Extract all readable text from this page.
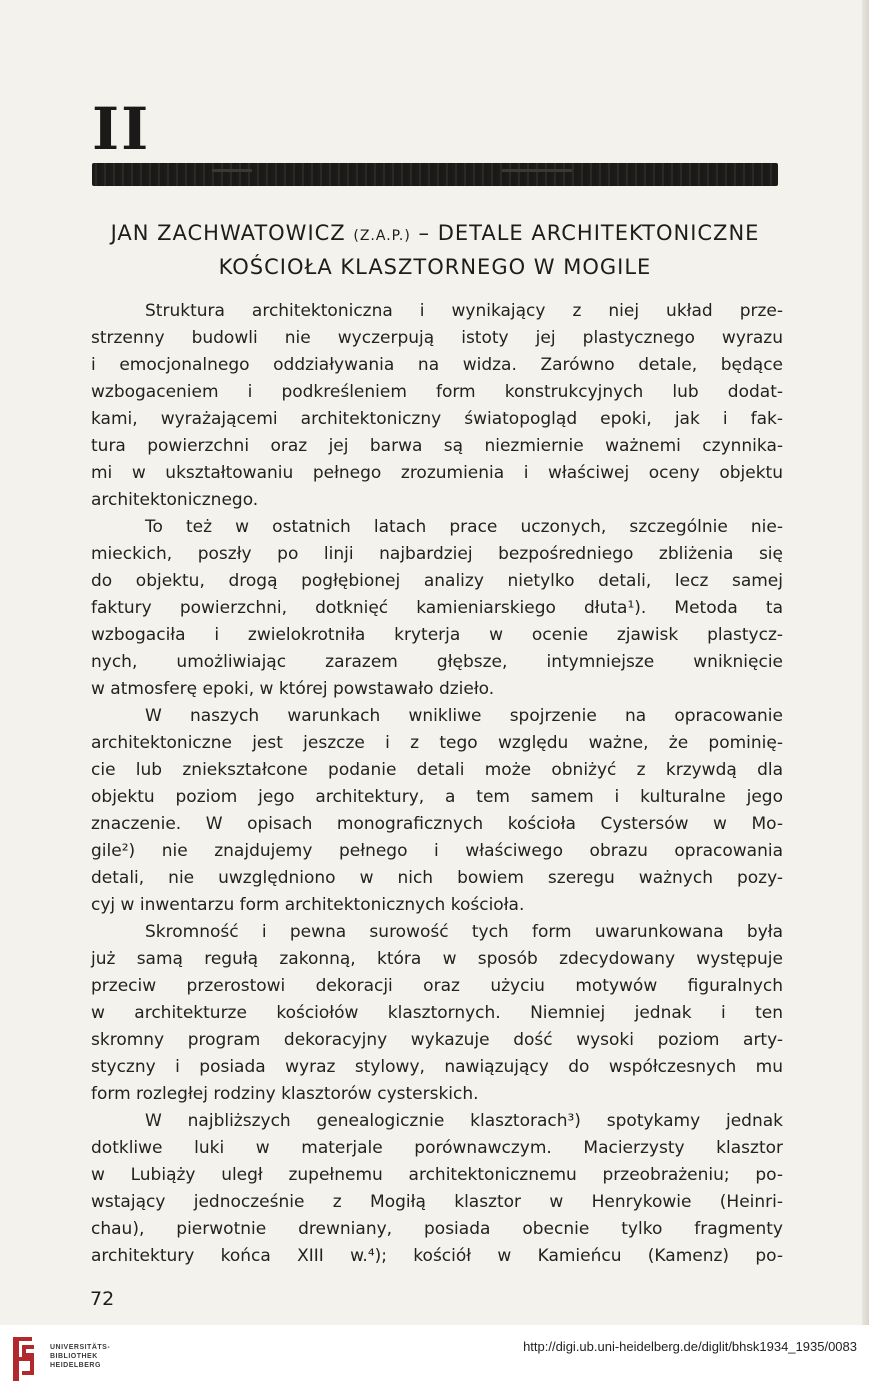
II
JAN ZACHWATOWICZ (Z.A.P.) – DETALE ARCHITEKTONICZNE
KOŚCIOŁA KLASZTORNEGO W MOGILE
Struktura architektoniczna i wynikający z niej układ prze-
strzenny budowli nie wyczerpują istoty jej plastycznego wyrazu
i emocjonalnego oddziaływania na widza. Zarówno detale, będące
wzbogaceniem i podkreśleniem form konstrukcyjnych lub dodat-
kami, wyrażającemi architektoniczny światopogląd epoki, jak i fak-
tura powierzchni oraz jej barwa są niezmiernie ważnemi czynnika-
mi w ukształtowaniu pełnego zrozumienia i właściwej oceny objektu
architektonicznego.
To też w ostatnich latach prace uczonych, szczególnie nie-
mieckich, poszły po linji najbardziej bezpośredniego zbliżenia się
do objektu, drogą pogłębionej analizy nietylko detali, lecz samej
faktury powierzchni, dotknięć kamieniarskiego dłuta¹). Metoda ta
wzbogaciła i zwielokrotniła kryterja w ocenie zjawisk plastycz-
nych, umożliwiając zarazem głębsze, intymniejsze wniknięcie
w atmosferę epoki, w której powstawało dzieło.
W naszych warunkach wnikliwe spojrzenie na opracowanie
architektoniczne jest jeszcze i z tego względu ważne, że pominię-
cie lub zniekształcone podanie detali może obniżyć z krzywdą dla
objektu poziom jego architektury, a tem samem i kulturalne jego
znaczenie. W opisach monograficznych kościoła Cystersów w Mo-
gile²) nie znajdujemy pełnego i właściwego obrazu opracowania
detali, nie uwzględniono w nich bowiem szeregu ważnych pozy-
cyj w inwentarzu form architektonicznych kościoła.
Skromność i pewna surowość tych form uwarunkowana była
już samą regułą zakonną, która w sposób zdecydowany występuje
przeciw przerostowi dekoracji oraz użyciu motywów figuralnych
w architekturze kościołów klasztornych. Niemniej jednak i ten
skromny program dekoracyjny wykazuje dość wysoki poziom arty-
styczny i posiada wyraz stylowy, nawiązujący do współczesnych mu
form rozległej rodziny klasztorów cysterskich.
W najbliższych genealogicznie klasztorach³) spotykamy jednak
dotkliwe luki w materjale porównawczym. Macierzysty klasztor
w Lubiąży uległ zupełnemu architektonicznemu przeobrażeniu; po-
wstający jednocześnie z Mogiłą klasztor w Henrykowie (Heinri-
chau), pierwotnie drewniany, posiada obecnie tylko fragmenty
architektury końca XIII w.⁴); kościół w Kamieńcu (Kamenz) po-
72
UNIVERSITÄTS-
BIBLIOTHEK
HEIDELBERG
http://digi.ub.uni-heidelberg.de/diglit/bhsk1934_1935/0083
